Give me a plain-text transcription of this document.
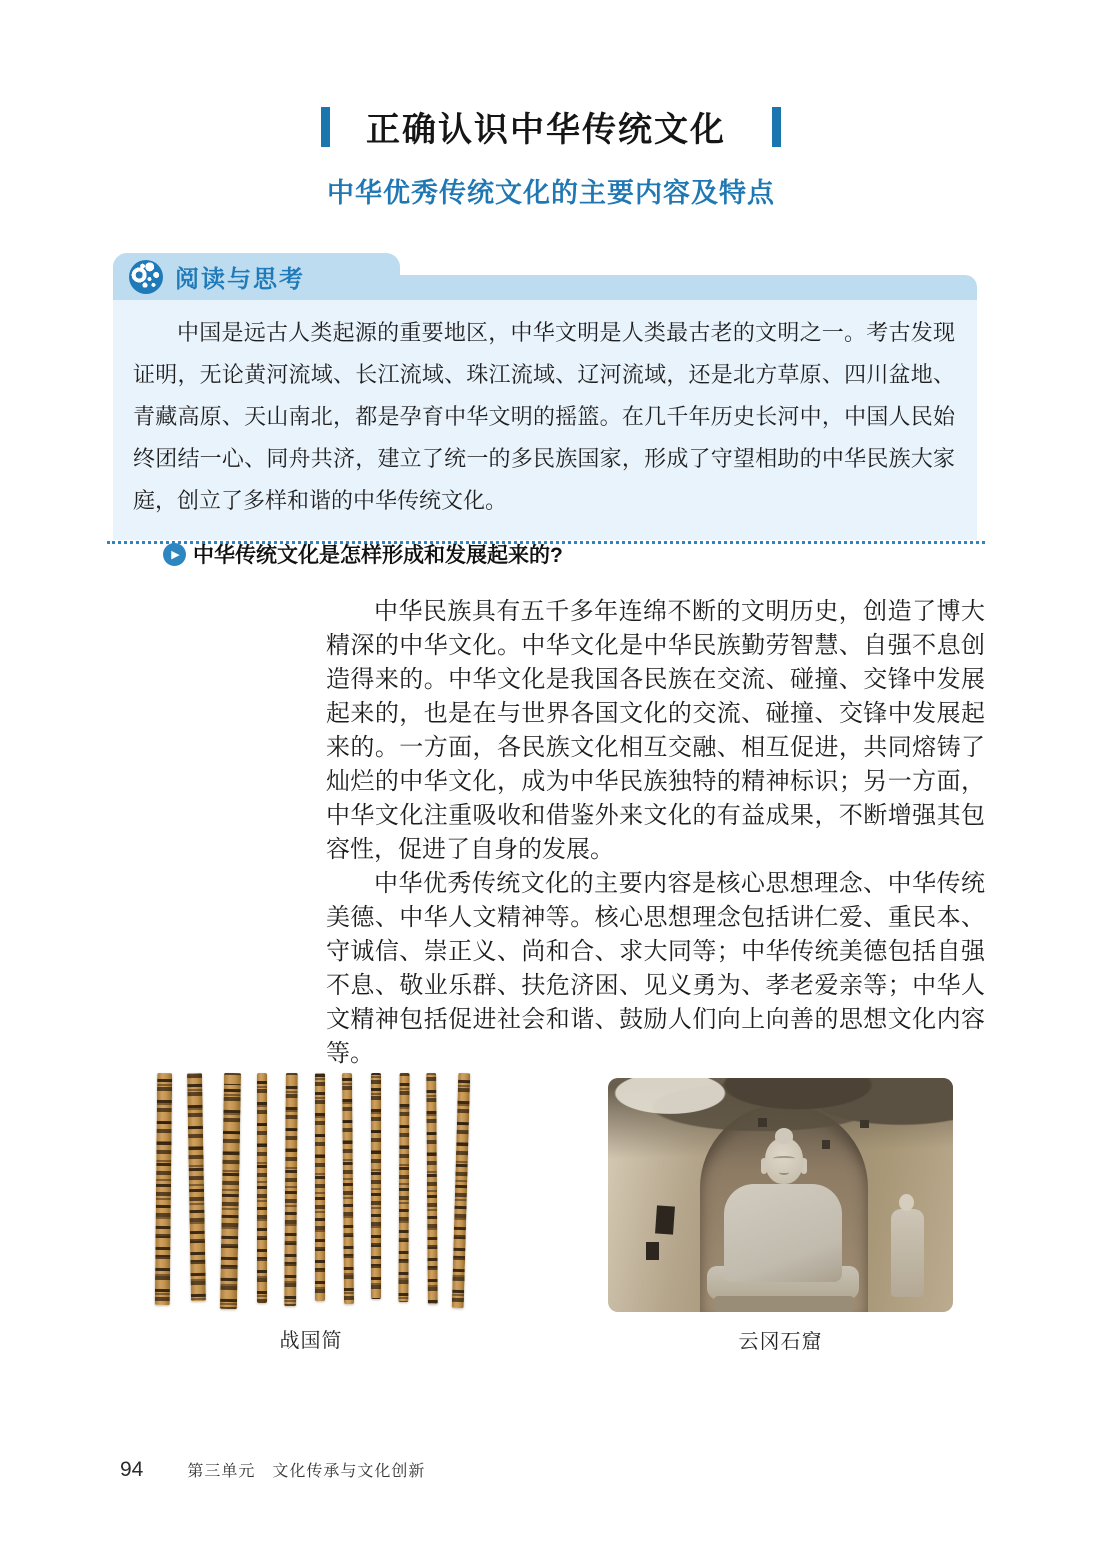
正确认识中华传统文化
中华优秀传统文化的主要内容及特点
阅读与思考

中国是远古人类起源的重要地区，中华文明是人类最古老的文明之一。考古发现证明，无论黄河流域、长江流域、珠江流域、辽河流域，还是北方草原、四川盆地、青藏高原、天山南北，都是孕育中华文明的摇篮。在几千年历史长河中，中国人民始终团结一心、同舟共济，建立了统一的多民族国家，形成了守望相助的中华民族大家庭，创立了多样和谐的中华传统文化。

▶ 中华传统文化是怎样形成和发展起来的?

中华民族具有五千多年连绵不断的文明历史，创造了博大精深的中华文化。中华文化是中华民族勤劳智慧、自强不息创造得来的。中华文化是我国各民族在交流、碰撞、交锋中发展起来的，也是在与世界各国文化的交流、碰撞、交锋中发展起来的。一方面，各民族文化相互交融、相互促进，共同熔铸了灿烂的中华文化，成为中华民族独特的精神标识；另一方面，中华文化注重吸收和借鉴外来文化的有益成果，不断增强其包容性，促进了自身的发展。

中华优秀传统文化的主要内容是核心思想理念、中华传统美德、中华人文精神等。核心思想理念包括讲仁爱、重民本、守诚信、崇正义、尚和合、求大同等；中华传统美德包括自强不息、敬业乐群、扶危济困、见义勇为、孝老爱亲等；中华人文精神包括促进社会和谐、鼓励人们向上向善的思想文化内容等。

战国简	云冈石窟
94	第三单元　文化传承与文化创新
